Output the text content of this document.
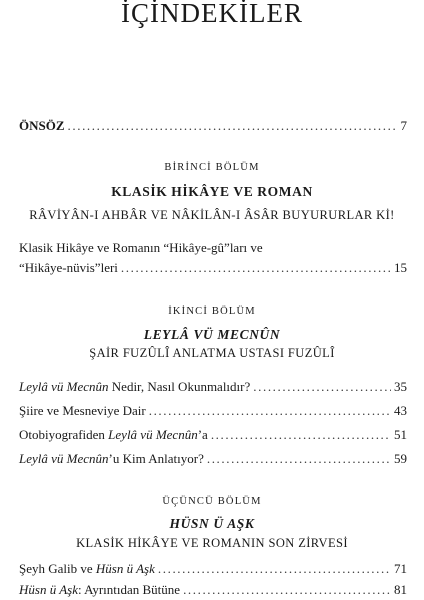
İÇİNDEKİLER
ÖNSÖZ .....	7
BİRİNCİ BÖLÜM
KLASİK HİKÂYE VE ROMAN
RÂVİYÂN-I AHBÂR VE NÂKİLÂN-I ÂSÂR BUYURURLAR Kİ!
Klasik Hikâye ve Romanın “Hikâye-gû”ları ve
“Hikâye-nüvis”leri .....	15
İKİNCİ BÖLÜM
LEYLÂ VÜ MECNÛN
ŞAİR FUZÛLÎ ANLATMA USTASI FUZÛLÎ
Leylâ vü Mecnûn Nedir, Nasıl Okunmalıdır? .....	35
Şiire ve Mesneviye Dair .....	43
Otobiyografiden Leylâ vü Mecnûn’a .....	51
Leylâ vü Mecnûn’u Kim Anlatıyor? .....	59
ÜÇÜNCÜ BÖLÜM
HÜSN Ü AŞK
KLASİK HİKÂYE VE ROMANIN SON ZİRVESİ
Şeyh Galib ve Hüsn ü Aşk .....	71
Hüsn ü Aşk: Ayrıntıdan Bütüne .....	81
